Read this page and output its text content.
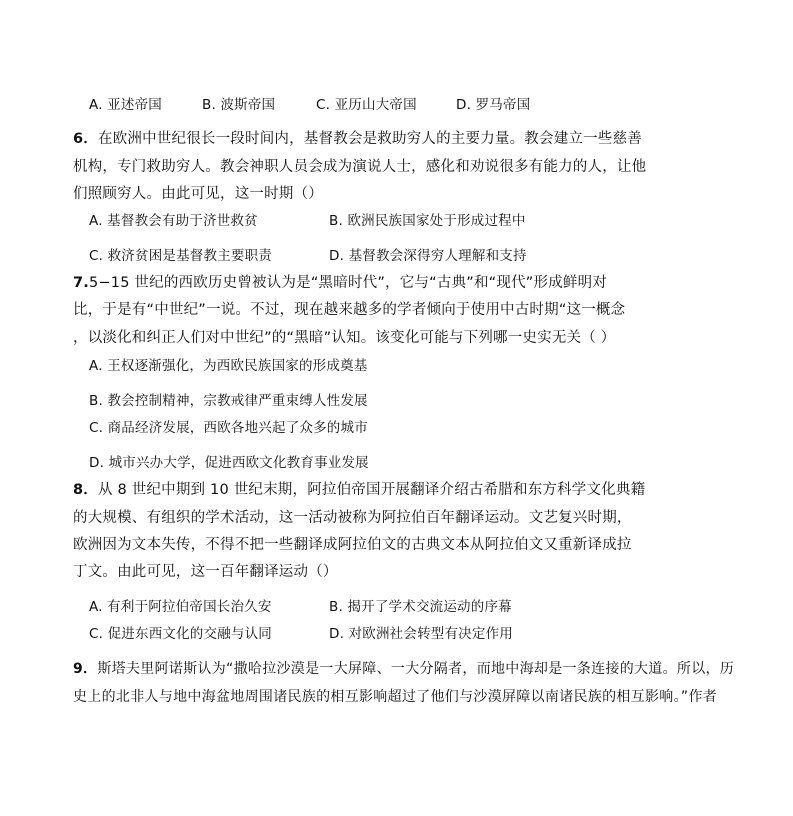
A. 亚述帝国	B. 波斯帝国	C. 亚历山大帝国	D. 罗马帝国
6．在欧洲中世纪很长一段时间内，基督教会是救助穷人的主要力量。教会建立一些慈善
机构，专门救助穷人。教会神职人员会成为演说人士，感化和劝说很多有能力的人，让他
们照顾穷人。由此可见，这一时期（）
A. 基督教会有助于济世救贫	B. 欧洲民族国家处于形成过程中
C. 救济贫困是基督教主要职责	D. 基督教会深得穷人理解和支持
7.5−15 世纪的西欧历史曾被认为是“黑暗时代”，它与“古典”和“现代”形成鲜明对
比，于是有“中世纪”一说。不过，现在越来越多的学者倾向于使用中古时期“这一概念
，以淡化和纠正人们对中世纪”的“黑暗”认知。该变化可能与下列哪一史实无关（ ）
A. 王权逐渐强化，为西欧民族国家的形成奠基
B. 教会控制精神，宗教戒律严重束缚人性发展
C. 商品经济发展，西欧各地兴起了众多的城市
D. 城市兴办大学，促进西欧文化教育事业发展
8．从 8 世纪中期到 10 世纪末期，阿拉伯帝国开展翻译介绍古希腊和东方科学文化典籍
的大规模、有组织的学术活动，这一活动被称为阿拉伯百年翻译运动。文艺复兴时期，
欧洲因为文本失传，不得不把一些翻译成阿拉伯文的古典文本从阿拉伯文又重新译成拉
丁文。由此可见，这一百年翻译运动（）
A. 有利于阿拉伯帝国长治久安	B. 揭开了学术交流运动的序幕
C. 促进东西文化的交融与认同	D. 对欧洲社会转型有决定作用
9．斯塔夫里阿诺斯认为“撒哈拉沙漠是一大屏障、一大分隔者，而地中海却是一条连接的大道。所以，历
史上的北非人与地中海盆地周围诸民族的相互影响超过了他们与沙漠屏障以南诸民族的相互影响。”作者
